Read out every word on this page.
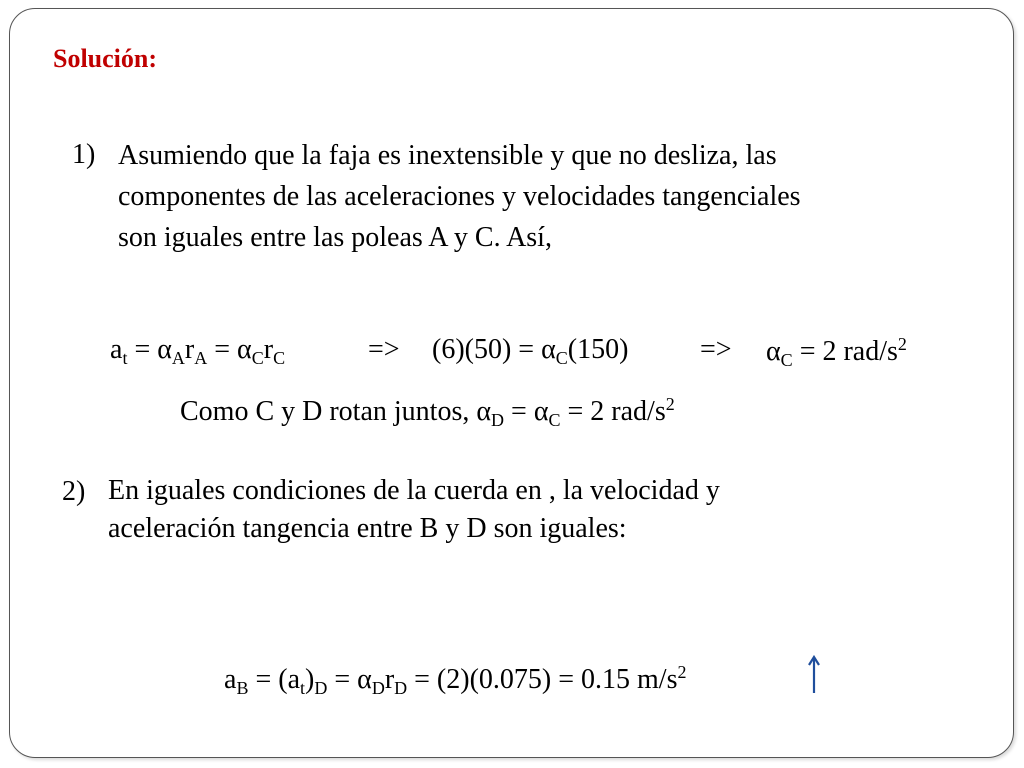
Solución:
1) Asumiendo que la faja es inextensible y que no desliza, las
componentes de las aceleraciones y velocidades tangenciales
son iguales entre las poleas A y C. Así,
$a_t = \alpha_Ar_A = \alpha_Cr_C$	=> $(6)(50) = \alpha_C(150)$	=> $\alpha_C = 2$ rad/$s^2$
Como C y D rotan juntos, $\alpha_D = \alpha_C = 2$ rad/$s^2$
2) En iguales condiciones de la cuerda en , la velocidad y
aceleración tangencia entre B y D son iguales:
$a_B = (a_t)_D = \alpha_Dr_D = (2)(0.075) = 0.15$ $m/s^2$
